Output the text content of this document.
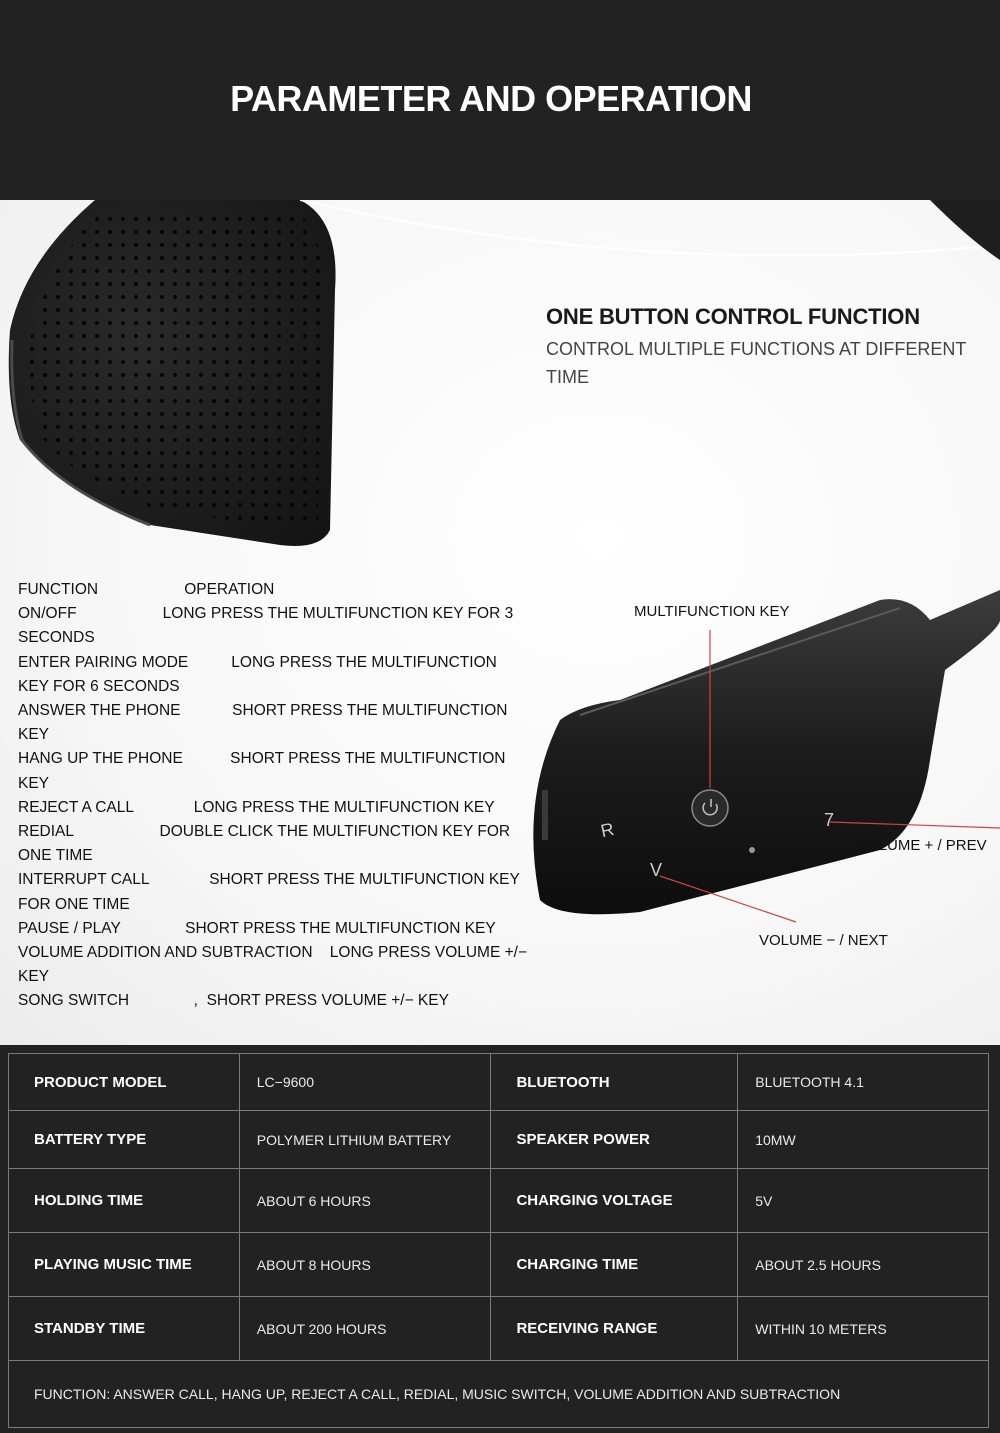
PARAMETER AND OPERATION
R	7
V
ONE BUTTON CONTROL FUNCTION
CONTROL MULTIPLE FUNCTIONS AT DIFFERENT TIME
MULTIFUNCTION KEY
VOLUME + / PREV
VOLUME − / NEXT
FUNCTION                    OPERATION
ON/OFF                    LONG PRESS THE MULTIFUNCTION KEY FOR 3
SECONDS
ENTER PAIRING MODE          LONG PRESS THE MULTIFUNCTION
KEY FOR 6 SECONDS
ANSWER THE PHONE            SHORT PRESS THE MULTIFUNCTION
KEY
HANG UP THE PHONE           SHORT PRESS THE MULTIFUNCTION
KEY
REJECT A CALL              LONG PRESS THE MULTIFUNCTION KEY
REDIAL                    DOUBLE CLICK THE MULTIFUNCTION KEY FOR
ONE TIME
INTERRUPT CALL              SHORT PRESS THE MULTIFUNCTION KEY
FOR ONE TIME
PAUSE / PLAY               SHORT PRESS THE MULTIFUNCTION KEY
VOLUME ADDITION AND SUBTRACTION    LONG PRESS VOLUME +/−
KEY
SONG SWITCH               ,  SHORT PRESS VOLUME +/− KEY
PRODUCT MODEL	LC−9600	BLUETOOTH	BLUETOOTH 4.1
BATTERY TYPE	POLYMER LITHIUM BATTERY	SPEAKER POWER	10MW
HOLDING TIME	ABOUT 6 HOURS	CHARGING VOLTAGE	5V
PLAYING MUSIC TIME	ABOUT 8 HOURS	CHARGING TIME	ABOUT 2.5 HOURS
STANDBY TIME	ABOUT 200 HOURS	RECEIVING RANGE	WITHIN 10 METERS
FUNCTION: ANSWER CALL, HANG UP, REJECT A CALL, REDIAL, MUSIC SWITCH, VOLUME ADDITION AND SUBTRACTION			
